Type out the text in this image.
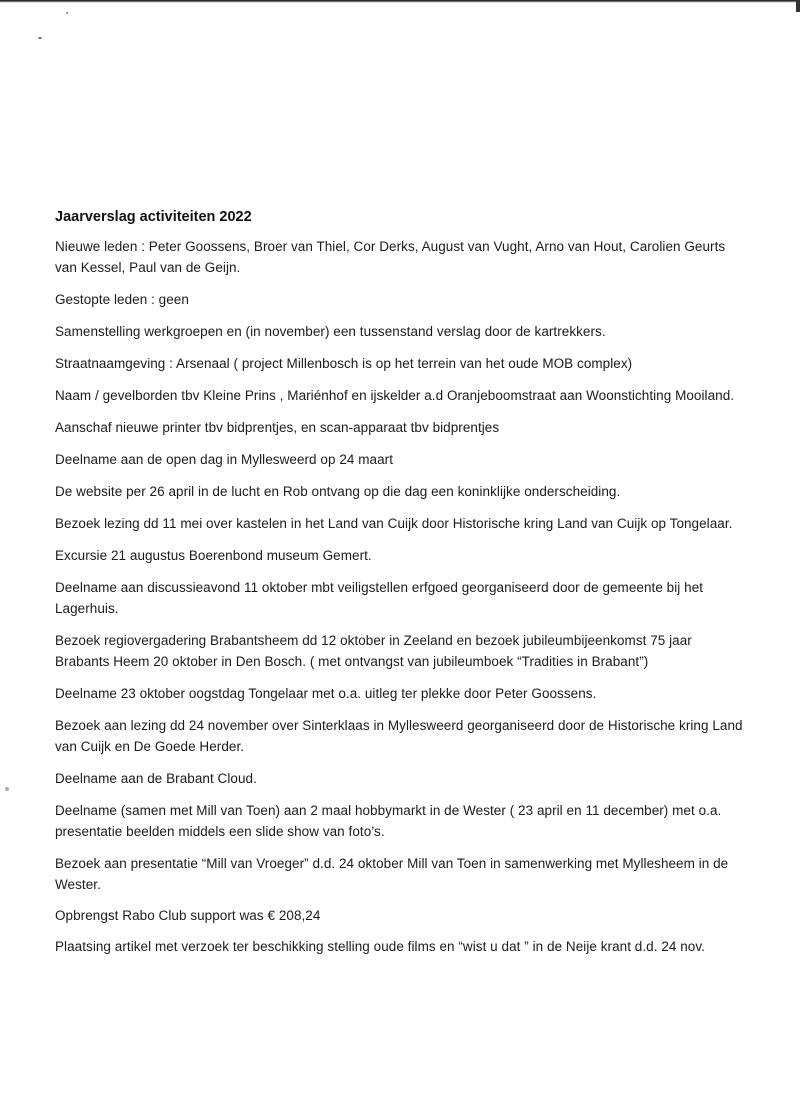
Jaarverslag activiteiten 2022

Nieuwe leden : Peter Goossens, Broer van Thiel, Cor Derks, August van Vught, Arno van Hout, Carolien Geurts van Kessel, Paul van de Geijn.

Gestopte leden : geen

Samenstelling werkgroepen en (in november) een tussenstand verslag door de kartrekkers.

Straatnaamgeving : Arsenaal ( project Millenbosch is op het terrein van het oude MOB complex)

Naam / gevelborden tbv Kleine Prins , Mariénhof en ijskelder a.d Oranjeboomstraat aan Woonstichting Mooiland.

Aanschaf nieuwe printer tbv bidprentjes, en scan-apparaat tbv bidprentjes

Deelname aan de open dag in Myllesweerd op 24 maart

De website per 26 april in de lucht en Rob ontvang op die dag een koninklijke onderscheiding.

Bezoek lezing dd 11 mei over kastelen in het Land van Cuijk door Historische kring Land van Cuijk op Tongelaar.

Excursie 21 augustus Boerenbond museum Gemert.

Deelname aan discussieavond 11 oktober mbt veiligstellen erfgoed georganiseerd door de gemeente bij het Lagerhuis.

Bezoek regiovergadering Brabantsheem dd 12 oktober in Zeeland en bezoek jubileumbijeenkomst 75 jaar Brabants Heem 20 oktober in Den Bosch. ( met ontvangst van jubileumboek “Tradities in Brabant”)

Deelname 23 oktober oogstdag Tongelaar met o.a. uitleg ter plekke door Peter Goossens.

Bezoek aan lezing dd 24 november over Sinterklaas in Myllesweerd georganiseerd door de Historische kring Land van Cuijk en De Goede Herder.

Deelname aan de Brabant Cloud.

Deelname (samen met Mill van Toen) aan 2 maal hobbymarkt in de Wester ( 23 april en 11 december) met o.a. presentatie beelden middels een slide show van foto’s.

Bezoek aan presentatie “Mill van Vroeger” d.d. 24 oktober Mill van Toen in samenwerking met Myllesheem in de Wester.

Opbrengst Rabo Club support was € 208,24

Plaatsing artikel met verzoek ter beschikking stelling oude films en “wist u dat ” in de Neije krant d.d. 24 nov.
